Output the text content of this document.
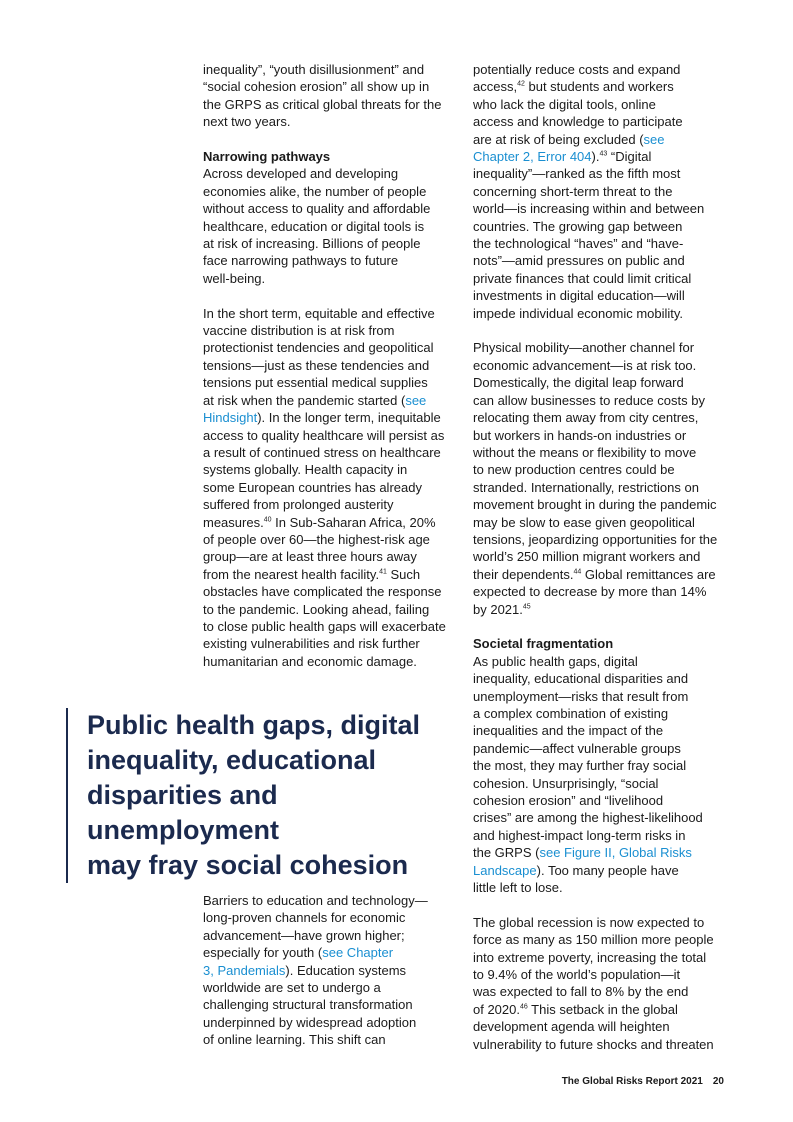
inequality”, “youth disillusionment” and
“social cohesion erosion” all show up in
the GRPS as critical global threats for the
next two years.

Narrowing pathways

Across developed and developing
economies alike, the number of people
without access to quality and affordable
healthcare, education or digital tools is
at risk of increasing. Billions of people
face narrowing pathways to future
well-being.

In the short term, equitable and effective
vaccine distribution is at risk from
protectionist tendencies and geopolitical
tensions—just as these tendencies and
tensions put essential medical supplies
at risk when the pandemic started (see
Hindsight). In the longer term, inequitable
access to quality healthcare will persist as
a result of continued stress on healthcare
systems globally. Health capacity in
some European countries has already
suffered from prolonged austerity
measures.$^{40}$ In Sub-Saharan Africa, 20%
of people over 60—the highest-risk age
group—are at least three hours away
from the nearest health facility.$^{41}$ Such
obstacles have complicated the response
to the pandemic. Looking ahead, failing
to close public health gaps will exacerbate
existing vulnerabilities and risk further
humanitarian and economic damage.

Public health gaps, digital
inequality, educational
disparities and unemployment
may fray social cohesion

Barriers to education and technology—
long-proven channels for economic
advancement—have grown higher;
especially for youth (see Chapter
3, Pandemials). Education systems
worldwide are set to undergo a
challenging structural transformation
underpinned by widespread adoption
of online learning. This shift can

potentially reduce costs and expand
access,$^{42}$ but students and workers
who lack the digital tools, online
access and knowledge to participate
are at risk of being excluded (see
Chapter 2, Error 404).$^{43}$ “Digital
inequality”—ranked as the fifth most
concerning short-term threat to the
world—is increasing within and between
countries. The growing gap between
the technological “haves” and “have-
nots”—amid pressures on public and
private finances that could limit critical
investments in digital education—will
impede individual economic mobility.

Physical mobility—another channel for
economic advancement—is at risk too.
Domestically, the digital leap forward
can allow businesses to reduce costs by
relocating them away from city centres,
but workers in hands-on industries or
without the means or flexibility to move
to new production centres could be
stranded. Internationally, restrictions on
movement brought in during the pandemic
may be slow to ease given geopolitical
tensions, jeopardizing opportunities for the
world’s 250 million migrant workers and
their dependents.$^{44}$ Global remittances are
expected to decrease by more than 14%
by 2021.45

Societal fragmentation

As public health gaps, digital
inequality, educational disparities and
unemployment—risks that result from
a complex combination of existing
inequalities and the impact of the
pandemic—affect vulnerable groups
the most, they may further fray social
cohesion. Unsurprisingly, “social
cohesion erosion” and “livelihood
crises” are among the highest-likelihood
and highest-impact long-term risks in
the GRPS (see Figure II, Global Risks
Landscape). Too many people have
little left to lose.

The global recession is now expected to
force as many as 150 million more people
into extreme poverty, increasing the total
to 9.4% of the world’s population—it
was expected to fall to 8% by the end
of 2020.46 This setback in the global
development agenda will heighten
vulnerability to future shocks and threaten

The Global Risks Report 2021 20
